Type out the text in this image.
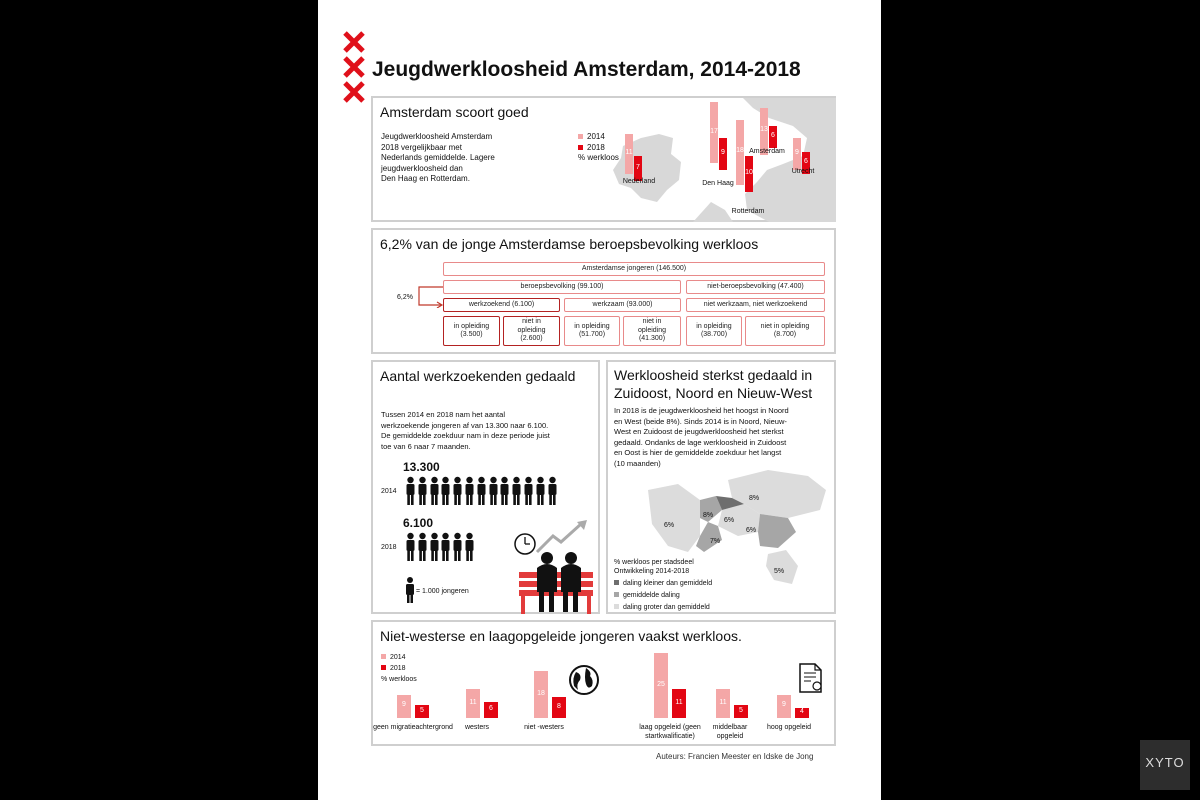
Jeugdwerkloosheid Amsterdam, 2014-2018
Amsterdam scoort goed
Jeugdwerkloosheid Amsterdam
2018 vergelijkbaar met
Nederlands gemiddelde. Lagere
jeugdwerkloosheid dan
Den Haag en Rotterdam.
2014
2018
% werkloos
11
7
Nederland
17
9
Den Haag
18
10
Rotterdam
13
6
Amsterdam	9
6
Utrecht
6,2% van de jonge Amsterdamse beroepsbevolking werkloos
Amsterdamse jongeren (146.500)
beroepsbevolking (99.100)	niet-beroepsbevolking (47.400)
werkzoekend (6.100)	werkzaam (93.000)	niet werkzaam, niet werkzoekend
in opleiding
(3.500)
niet in opleiding
(2.600)
in opleiding
(51.700)
niet in opleiding
(41.300)
in opleiding
(38.700)
niet in opleiding
(8.700)
6,2%
Aantal werkzoekenden gedaald
Tussen 2014 en 2018 nam het aantal
werkzoekende jongeren af van 13.300 naar 6.100.
De gemiddelde zoekduur nam in deze periode juist
toe van 6 naar 7 maanden.
13.300
2014
6.100
2018
= 1.000 jongeren
Werkloosheid sterkst gedaald in
Zuidoost, Noord en Nieuw-West
In 2018 is de jeugdwerkloosheid het hoogst in Noord
en West (beide 8%). Sinds 2014 is in Noord, Nieuw-
West en Zuidoost de jeugdwerkloosheid het sterkst
gedaald. Ondanks de lage werkloosheid in Zuidoost
en Oost is hier de gemiddelde zoekduur het langst
(10 maanden)
8%
8%
6%
6%
6%
7%
5%
% werkloos per stadsdeel
Ontwikkeling 2014-2018
daling kleiner dan gemiddeld
gemiddelde daling
daling groter dan gemiddeld
Niet-westerse en laagopgeleide jongeren vaakst werkloos.
2014
2018
% werkloos
9
5
geen migratieachtergrond
11
6
westers
18
8
niet -westers
25
11
laag opgeleid (geen startkwalificatie)
11
5
middelbaar opgeleid
9
4
hoog opgeleid
Auteurs: Francien Meester en Idske de Jong	XYTO
